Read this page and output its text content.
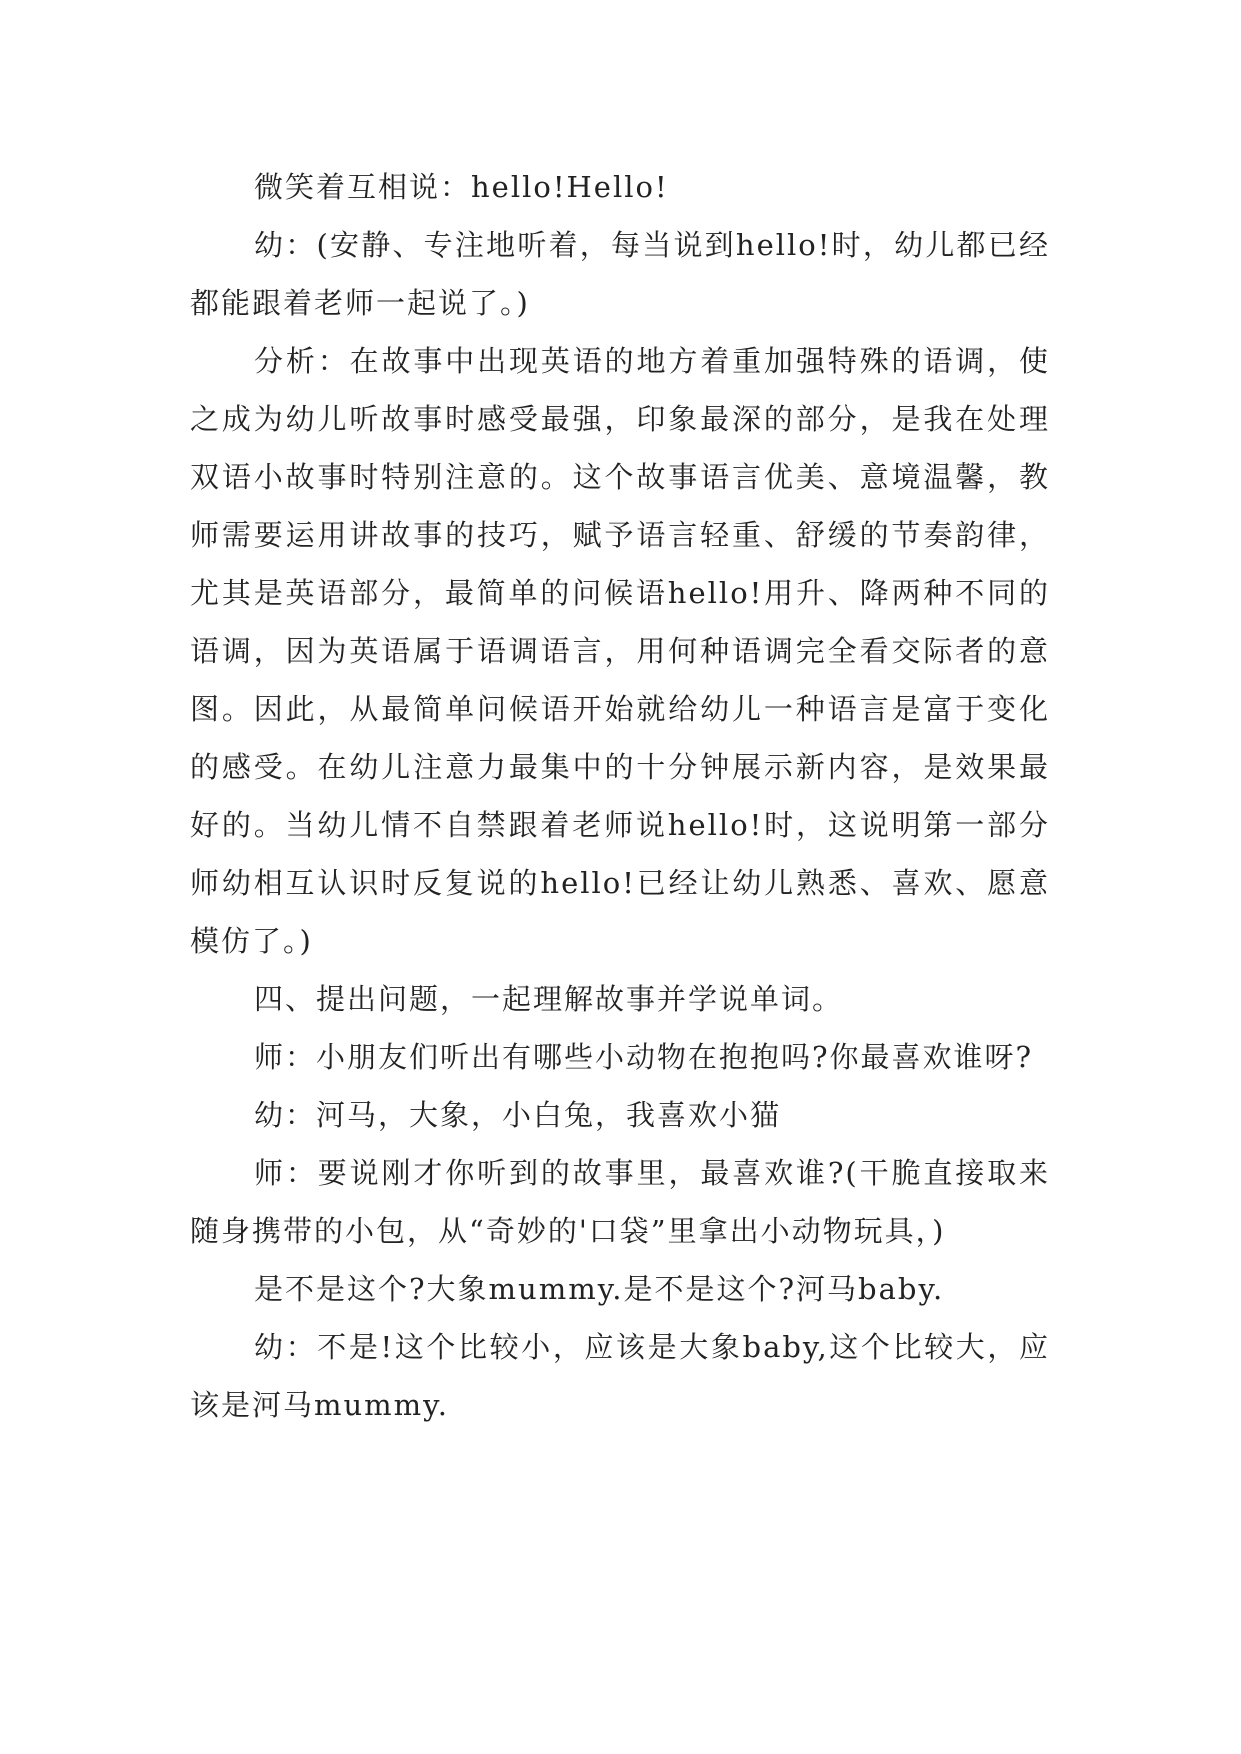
微笑着互相说：hello!Hello!

幼：(安静、专注地听着，每当说到hello!时，幼儿都已经都能跟着老师一起说了。)

分析：在故事中出现英语的地方着重加强特殊的语调，使之成为幼儿听故事时感受最强，印象最深的部分，是我在处理双语小故事时特别注意的。这个故事语言优美、意境温馨，教师需要运用讲故事的技巧，赋予语言轻重、舒缓的节奏韵律，尤其是英语部分，最简单的问候语hello!用升、降两种不同的语调，因为英语属于语调语言，用何种语调完全看交际者的意图。因此，从最简单问候语开始就给幼儿一种语言是富于变化的感受。在幼儿注意力最集中的十分钟展示新内容，是效果最好的。当幼儿情不自禁跟着老师说hello!时，这说明第一部分师幼相互认识时反复说的hello!已经让幼儿熟悉、喜欢、愿意模仿了。)

四、提出问题，一起理解故事并学说单词。

师：小朋友们听出有哪些小动物在抱抱吗?你最喜欢谁呀?

幼：河马，大象，小白兔，我喜欢小猫

师：要说刚才你听到的故事里，最喜欢谁?(干脆直接取来随身携带的小包，从“奇妙的'口袋”里拿出小动物玩具，)

是不是这个?大象mummy.是不是这个?河马baby.

幼：不是!这个比较小，应该是大象baby,这个比较大，应该是河马mummy.
